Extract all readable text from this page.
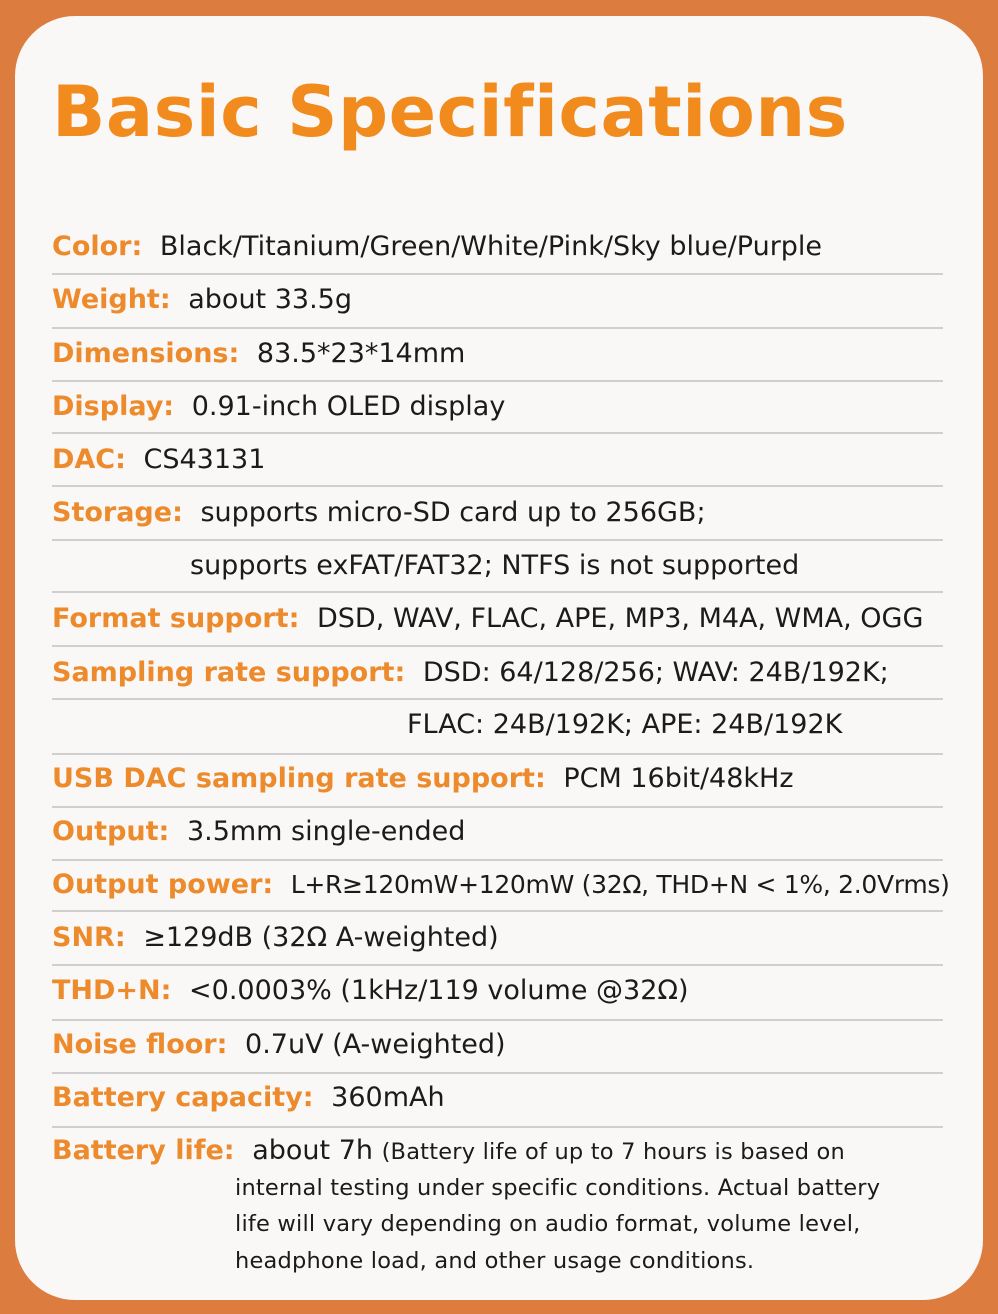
Basic Specifications
Color: Black/Titanium/Green/White/Pink/Sky blue/Purple
Weight: about 33.5g
Dimensions: 83.5*23*14mm
Display: 0.91-inch OLED display
DAC: CS43131
Storage: supports micro-SD card up to 256GB;
supports exFAT/FAT32; NTFS is not supported
Format support: DSD, WAV, FLAC, APE, MP3, M4A, WMA, OGG
Sampling rate support: DSD: 64/128/256; WAV: 24B/192K;
FLAC: 24B/192K; APE: 24B/192K
USB DAC sampling rate support: PCM 16bit/48kHz
Output: 3.5mm single-ended
Output power: L+R≥120mW+120mW (32Ω, THD+N < 1%, 2.0Vrms)
SNR: ≥129dB (32Ω A-weighted)
THD+N: <0.0003% (1kHz/119 volume @32Ω)
Noise floor: 0.7uV (A-weighted)
Battery capacity: 360mAh
Battery life: about 7h (Battery life of up to 7 hours is based on
internal testing under specific conditions. Actual battery
life will vary depending on audio format, volume level,
headphone load, and other usage conditions.
